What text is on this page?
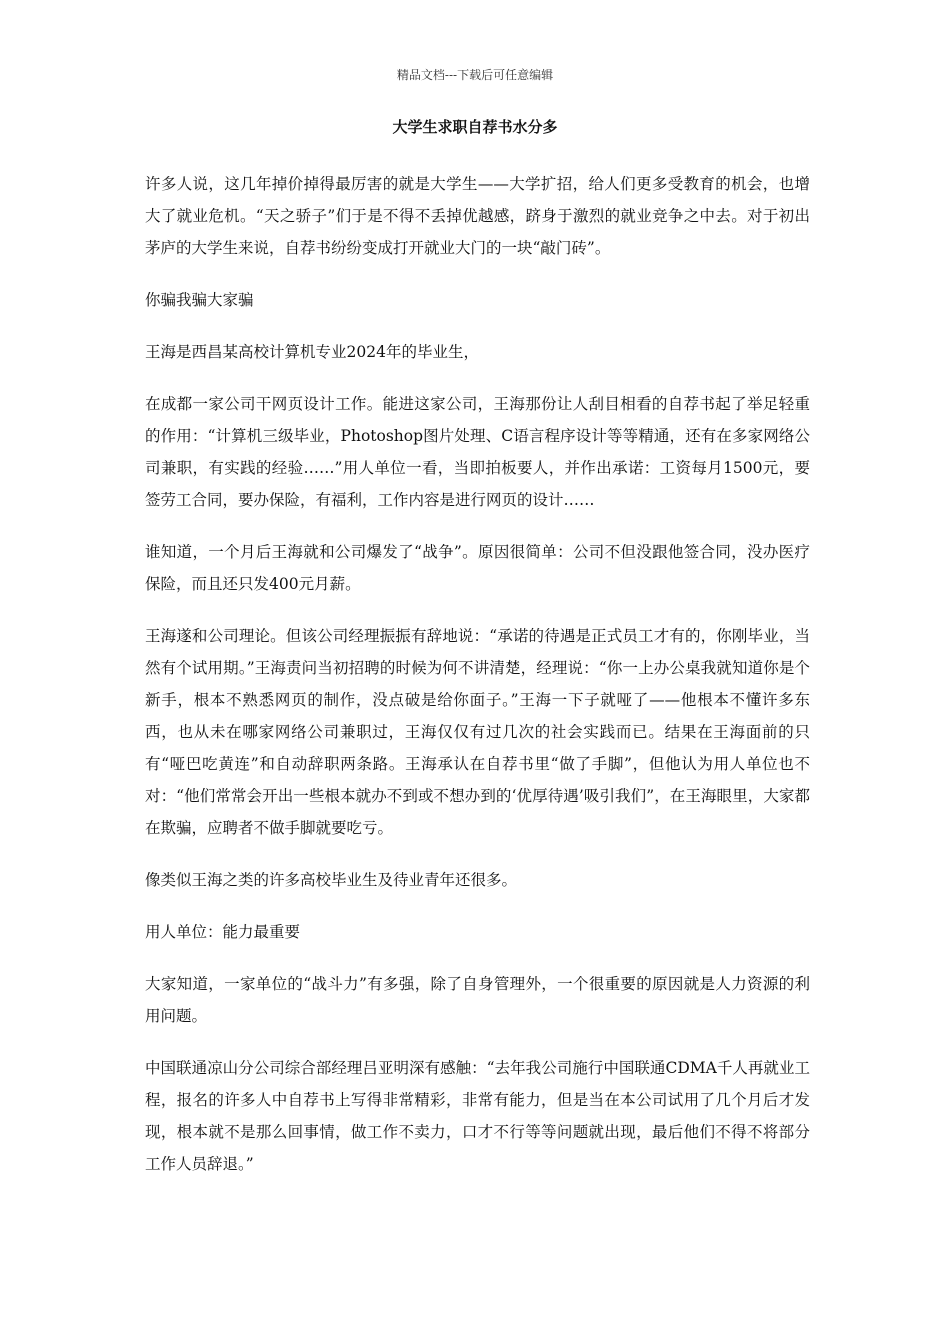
精品文档---下载后可任意编辑
大学生求职自荐书水分多

许多人说，这几年掉价掉得最厉害的就是大学生——大学扩招，给人们更多受教育的机会，也增大了就业危机。“天之骄子”们于是不得不丢掉优越感，跻身于激烈的就业竞争之中去。对于初出茅庐的大学生来说，自荐书纷纷变成打开就业大门的一块“敲门砖”。

你骗我骗大家骗

王海是西昌某高校计算机专业2024年的毕业生，

在成都一家公司干网页设计工作。能进这家公司，王海那份让人刮目相看的自荐书起了举足轻重的作用：“计算机三级毕业，Photoshop图片处理、C语言程序设计等等精通，还有在多家网络公司兼职，有实践的经验……”用人单位一看，当即拍板要人，并作出承诺：工资每月1500元，要签劳工合同，要办保险，有福利，工作内容是进行网页的设计……

谁知道，一个月后王海就和公司爆发了“战争”。原因很简单：公司不但没跟他签合同，没办医疗保险，而且还只发400元月薪。

王海遂和公司理论。但该公司经理振振有辞地说：“承诺的待遇是正式员工才有的，你刚毕业，当然有个试用期。”王海责问当初招聘的时候为何不讲清楚，经理说：“你一上办公桌我就知道你是个新手，根本不熟悉网页的制作，没点破是给你面子。”王海一下子就哑了——他根本不懂许多东西，也从未在哪家网络公司兼职过，王海仅仅有过几次的社会实践而已。结果在王海面前的只有“哑巴吃黄连”和自动辞职两条路。王海承认在自荐书里“做了手脚”，但他认为用人单位也不对：“他们常常会开出一些根本就办不到或不想办到的‘优厚待遇’吸引我们”，在王海眼里，大家都在欺骗，应聘者不做手脚就要吃亏。

像类似王海之类的许多高校毕业生及待业青年还很多。

用人单位：能力最重要

大家知道，一家单位的“战斗力”有多强，除了自身管理外，一个很重要的原因就是人力资源的利用问题。

中国联通凉山分公司综合部经理吕亚明深有感触：“去年我公司施行中国联通CDMA千人再就业工程，报名的许多人中自荐书上写得非常精彩，非常有能力，但是当在本公司试用了几个月后才发现，根本就不是那么回事情，做工作不卖力，口才不行等等问题就出现，最后他们不得不将部分工作人员辞退。”
